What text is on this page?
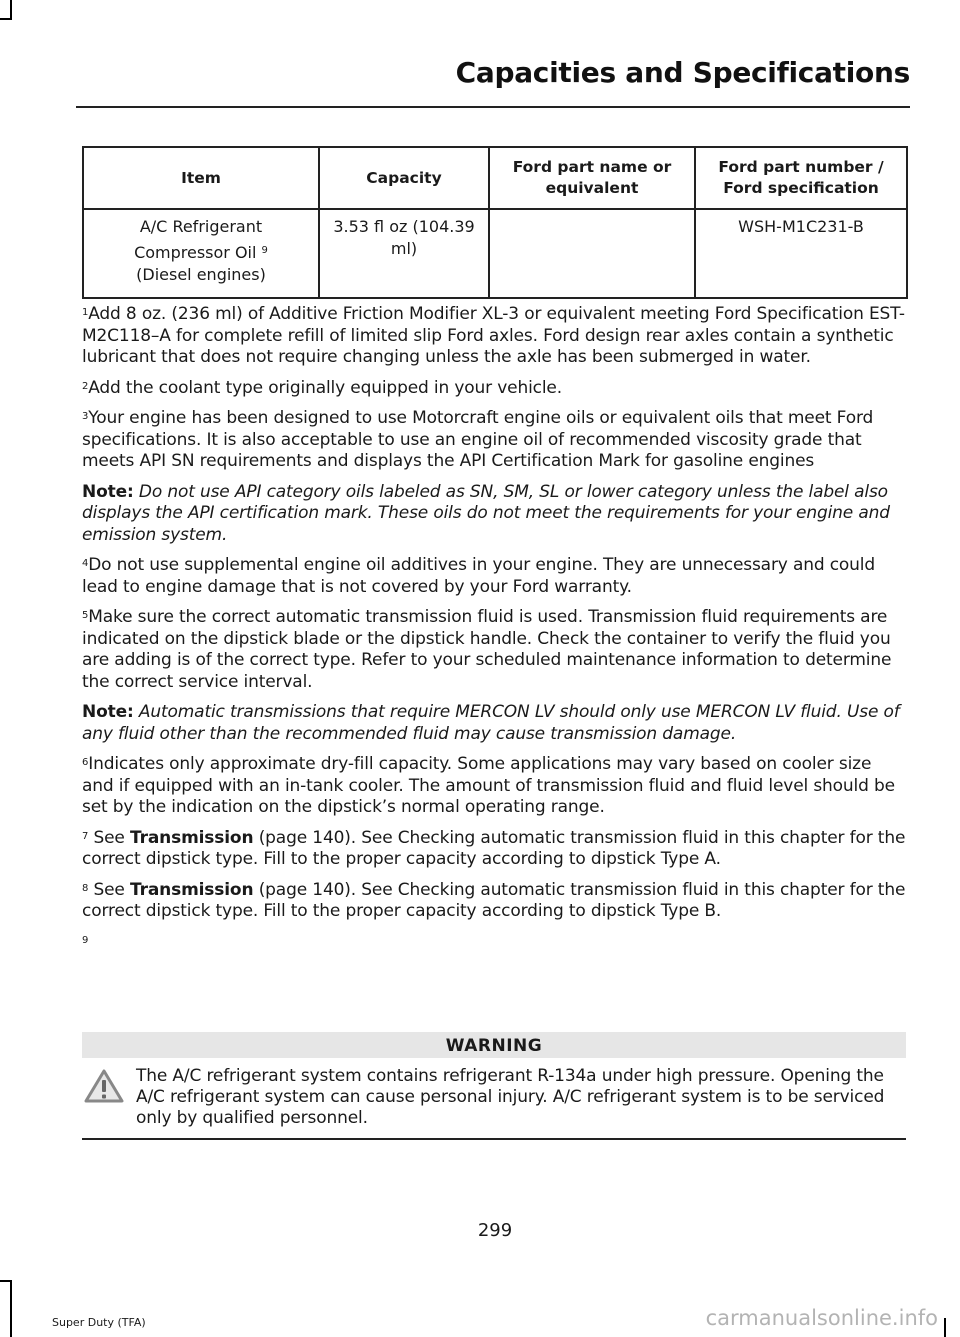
Capacities and Specifications
Item	Capacity	Ford part name or equivalent	Ford part number / Ford specification

A/C Refrigerant
Compressor Oil $^9$
(Diesel engines)	3.53 fl oz (104.39 ml)		WSH-M1C231-B

$^1$Add 8 oz. (236 ml) of Additive Friction Modifier XL-3 or equivalent meeting Ford Specification EST-M2C118–A for complete refill of limited slip Ford axles. Ford design rear axles contain a synthetic lubricant that does not require changing unless the axle has been submerged in water.

$^2$Add the coolant type originally equipped in your vehicle.

$^3$Your engine has been designed to use Motorcraft engine oils or equivalent oils that meet Ford specifications. It is also acceptable to use an engine oil of recommended viscosity grade that meets API SN requirements and displays the API Certification Mark for gasoline engines

Note: Do not use API category oils labeled as SN, SM, SL or lower category unless the label also displays the API certification mark. These oils do not meet the requirements for your engine and emission system.

$^4$Do not use supplemental engine oil additives in your engine. They are unnecessary and could lead to engine damage that is not covered by your Ford warranty.

$^5$Make sure the correct automatic transmission fluid is used. Transmission fluid requirements are indicated on the dipstick blade or the dipstick handle. Check the container to verify the fluid you are adding is of the correct type. Refer to your scheduled maintenance information to determine the correct service interval.

Note: Automatic transmissions that require MERCON LV should only use MERCON LV fluid. Use of any fluid other than the recommended fluid may cause transmission damage.

$^6$Indicates only approximate dry-fill capacity. Some applications may vary based on cooler size and if equipped with an in-tank cooler. The amount of transmission fluid and fluid level should be set by the indication on the dipstick’s normal operating range.

$^7$ See Transmission (page 140). See Checking automatic transmission fluid in this chapter for the correct dipstick type. Fill to the proper capacity according to dipstick Type A.

$^8$ See Transmission (page 140). See Checking automatic transmission fluid in this chapter for the correct dipstick type. Fill to the proper capacity according to dipstick Type B.

$^9$

WARNING
The A/C refrigerant system contains refrigerant R-134a under high pressure. Opening the A/C refrigerant system can cause personal injury. A/C refrigerant system is to be serviced only by qualified personnel.
299
Super Duty (TFA)	carmanualsonline.info
